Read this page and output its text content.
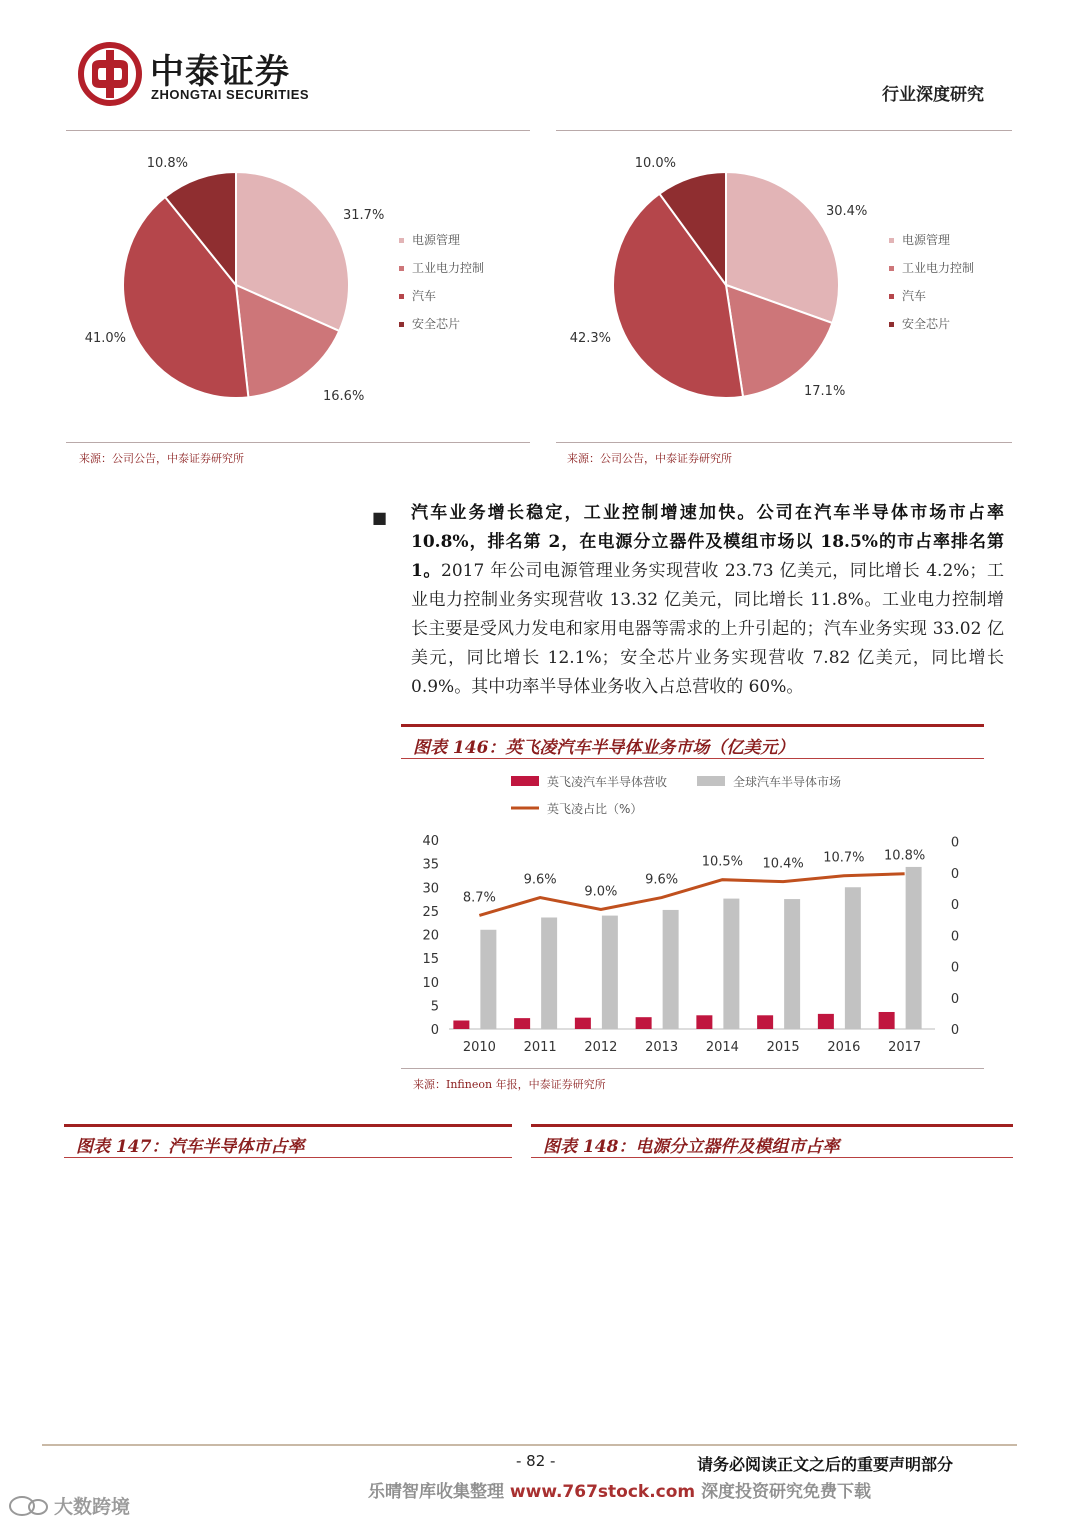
中泰证券
ZHONGTAI SECURITIES	行业深度研究
31.7%
16.6%
41.0%
10.8%
电源管理
工业电力控制
汽车
安全芯片
30.4%
17.1%
42.3%
10.0%
电源管理
工业电力控制
汽车
安全芯片
来源：公司公告，中泰证券研究所	来源：公司公告，中泰证券研究所
■ 汽车业务增长稳定，工业控制增速加快。公司在汽车半导体市场市占率10.8%，排名第 2，在电源分立器件及模组市场以 18.5%的市占率排名第 1。2017 年公司电源管理业务实现营收 23.73 亿美元，同比增长 4.2%；工业电力控制业务实现营收 13.32 亿美元，同比增长 11.8%。工业电力控制增长主要是受风力发电和家用电器等需求的上升引起的；汽车业务实现 33.02 亿美元，同比增长 12.1%；安全芯片业务实现营收 7.82 亿美元，同比增长 0.9%。其中功率半导体业务收入占总营收的 60%。
图表 146：英飞凌汽车半导体业务市场（亿美元）
英飞凌汽车半导体营收	全球汽车半导体市场
英飞凌占比（%）
0
5
10
15
20
25
30
35
40
0
0
0
0
0
0
0
2010 2011 2012 2013 2014 2015 2016 2017
8.7%
9.6%
9.0%
9.6%
10.5% 10.4% 10.7% 10.8%
来源：Infineon 年报，中泰证券研究所
图表 147：汽车半导体市占率	图表 148：电源分立器件及模组市占率
- 82 -	请务必阅读正文之后的重要声明部分
乐晴智库收集整理 www.767stock.com 深度投资研究免费下载
大数跨境
